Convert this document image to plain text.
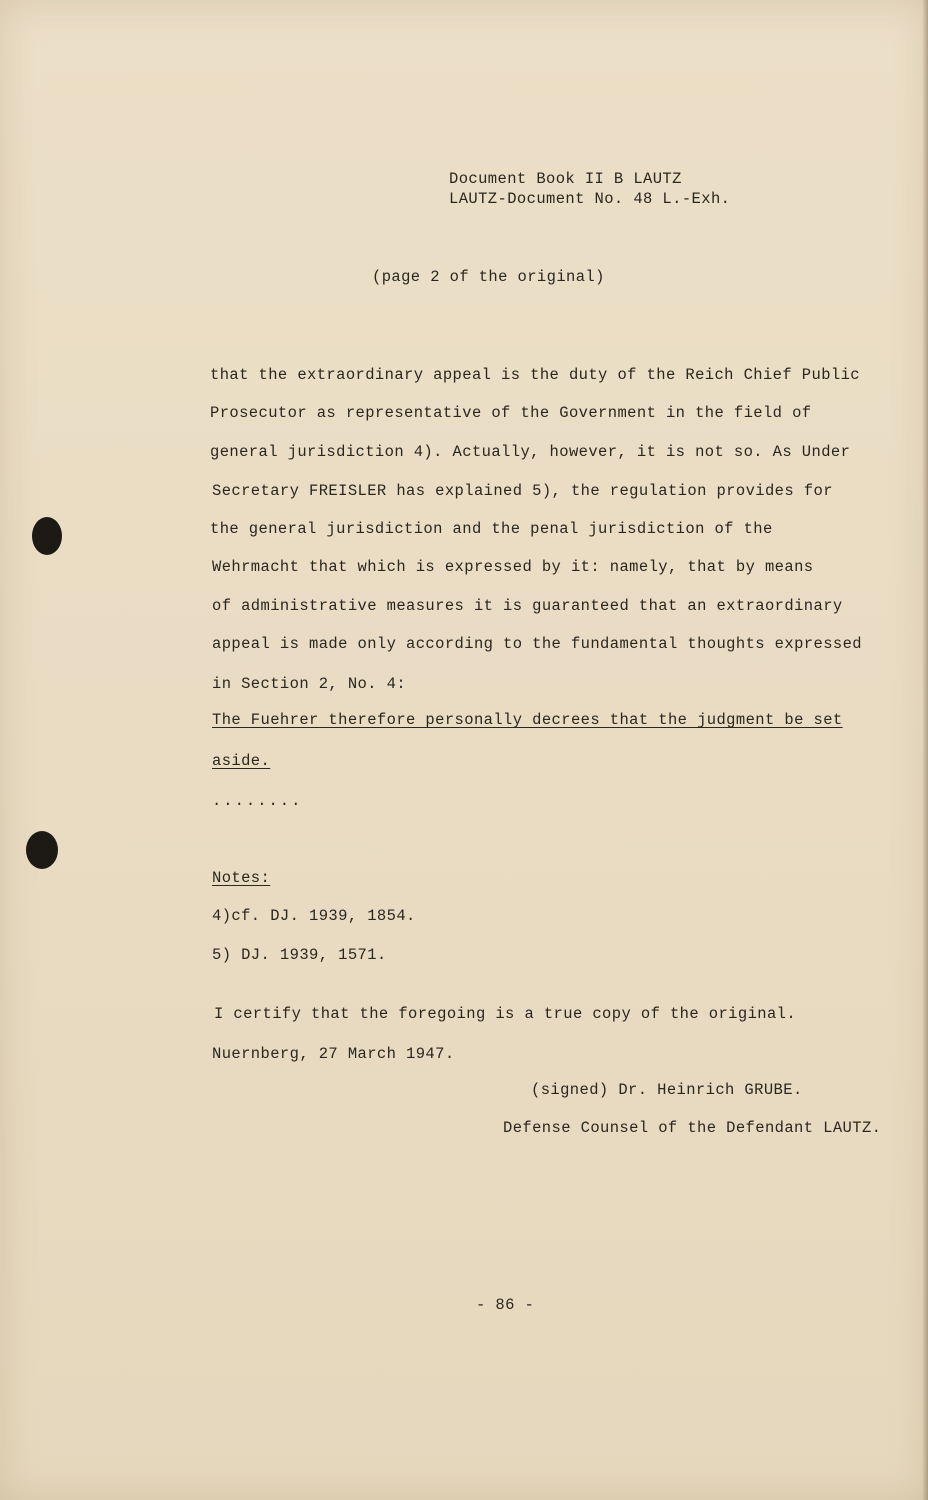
Document Book II B LAUTZ

LAUTZ-Document No. 48 L.-Exh.

(page 2 of the original)

that the extraordinary appeal is the duty of the Reich Chief Public

Prosecutor as representative of the Government in the field of

general jurisdiction 4). Actually, however, it is not so. As Under

Secretary FREISLER has explained 5), the regulation provides for

the general jurisdiction and the penal jurisdiction of the

Wehrmacht that which is expressed by it: namely, that by means

of administrative measures it is guaranteed that an extraordinary

appeal is made only according to the fundamental thoughts expressed

in Section 2, No. 4:

The Fuehrer therefore personally decrees that the judgment be set

aside.

........

Notes:

4)cf. DJ. 1939, 1854.

5) DJ. 1939, 1571.

I certify that the foregoing is a true copy of the original.

Nuernberg, 27 March 1947.

(signed) Dr. Heinrich GRUBE.

Defense Counsel of the Defendant LAUTZ.

- 86 -
